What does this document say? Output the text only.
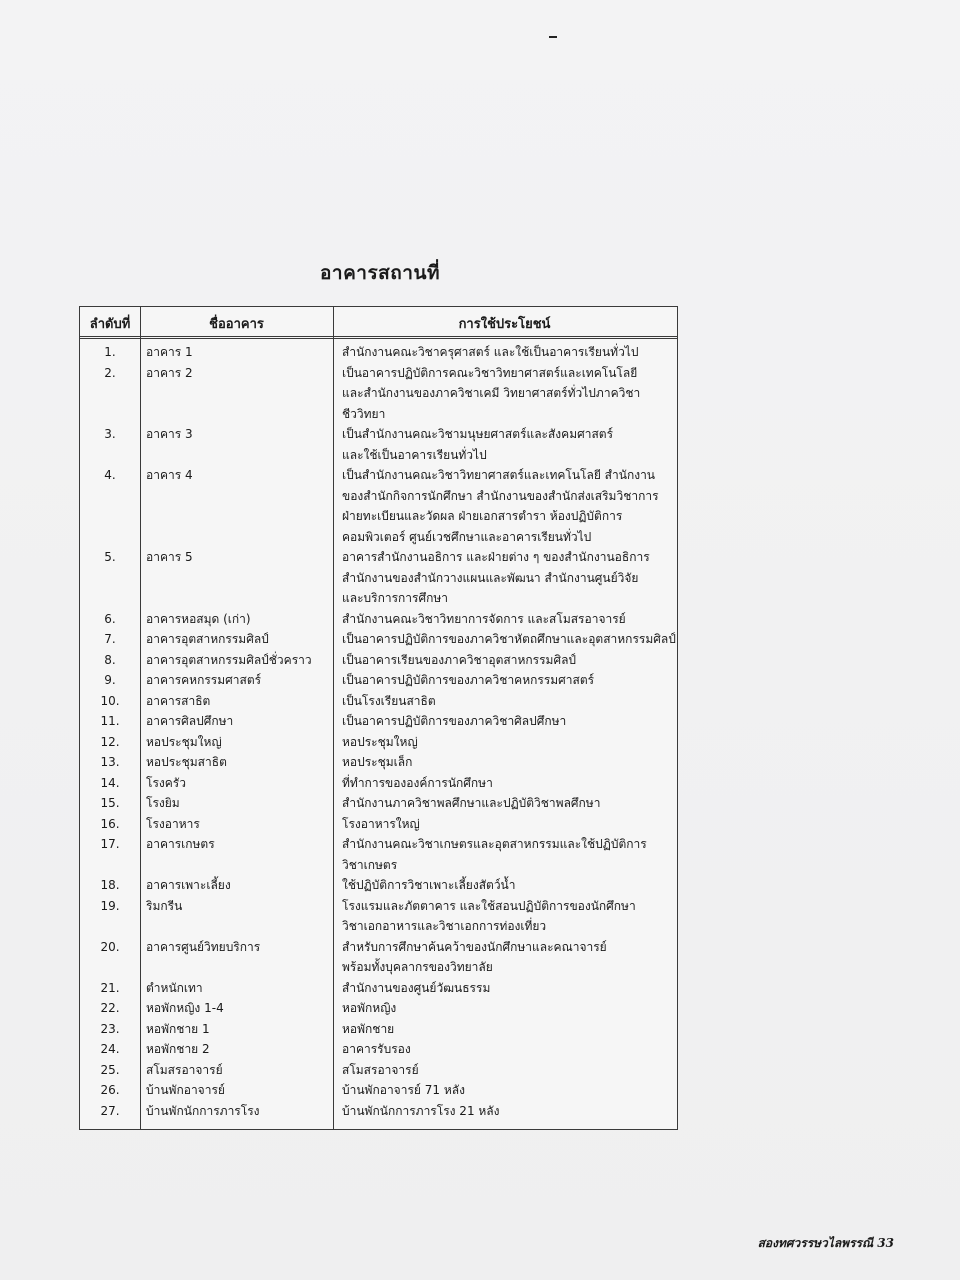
อาคารสถานที่
ลำดับที่	ชื่ออาคาร	การใช้ประโยชน์
1.	อาคาร 1	สำนักงานคณะวิชาครุศาสตร์ และใช้เป็นอาคารเรียนทั่วไป
2.	อาคาร 2	เป็นอาคารปฏิบัติการคณะวิชาวิทยาศาสตร์และเทคโนโลยี
และสำนักงานของภาควิชาเคมี วิทยาศาสตร์ทั่วไปภาควิชา
ชีววิทยา
3.	อาคาร 3	เป็นสำนักงานคณะวิชามนุษยศาสตร์และสังคมศาสตร์
และใช้เป็นอาคารเรียนทั่วไป
4.	อาคาร 4	เป็นสำนักงานคณะวิชาวิทยาศาสตร์และเทคโนโลยี สำนักงาน
ของสำนักกิจการนักศึกษา สำนักงานของสำนักส่งเสริมวิชาการ
ฝ่ายทะเบียนและวัดผล ฝ่ายเอกสารตำรา ห้องปฏิบัติการ
คอมพิวเตอร์ ศูนย์เวชศึกษาและอาคารเรียนทั่วไป
5.	อาคาร 5	อาคารสำนักงานอธิการ และฝ่ายต่าง ๆ ของสำนักงานอธิการ
สำนักงานของสำนักวางแผนและพัฒนา สำนักงานศูนย์วิจัย
และบริการการศึกษา
6.	อาคารหอสมุด (เก่า)	สำนักงานคณะวิชาวิทยาการจัดการ และสโมสรอาจารย์
7.	อาคารอุตสาหกรรมศิลป์	เป็นอาคารปฏิบัติการของภาควิชาหัตถศึกษาและอุตสาหกรรมศิลป์
8.	อาคารอุตสาหกรรมศิลป์ชั่วคราว	เป็นอาคารเรียนของภาควิชาอุตสาหกรรมศิลป์
9.	อาคารคหกรรมศาสตร์	เป็นอาคารปฏิบัติการของภาควิชาคหกรรมศาสตร์
10.	อาคารสาธิต	เป็นโรงเรียนสาธิต
11.	อาคารศิลปศึกษา	เป็นอาคารปฏิบัติการของภาควิชาศิลปศึกษา
12.	หอประชุมใหญ่	หอประชุมใหญ่
13.	หอประชุมสาธิต	หอประชุมเล็ก
14.	โรงครัว	ที่ทำการขององค์การนักศึกษา
15.	โรงยิม	สำนักงานภาควิชาพลศึกษาและปฏิบัติวิชาพลศึกษา
16.	โรงอาหาร	โรงอาหารใหญ่
17.	อาคารเกษตร	สำนักงานคณะวิชาเกษตรและอุตสาหกรรมและใช้ปฏิบัติการ
วิชาเกษตร
18.	อาคารเพาะเลี้ยง	ใช้ปฏิบัติการวิชาเพาะเลี้ยงสัตว์น้ำ
19.	ริมกรีน	โรงแรมและภัตตาคาร และใช้สอนปฏิบัติการของนักศึกษา
วิชาเอกอาหารและวิชาเอกการท่องเที่ยว
20.	อาคารศูนย์วิทยบริการ	สำหรับการศึกษาค้นคว้าของนักศึกษาและคณาจารย์
พร้อมทั้งบุคลากรของวิทยาลัย
21.	ตำหนักเทา	สำนักงานของศูนย์วัฒนธรรม
22.	หอพักหญิง 1-4	หอพักหญิง
23.	หอพักชาย 1	หอพักชาย
24.	หอพักชาย 2	อาคารรับรอง
25.	สโมสรอาจารย์	สโมสรอาจารย์
26.	บ้านพักอาจารย์	บ้านพักอาจารย์ 71 หลัง
27.	บ้านพักนักการภารโรง	บ้านพักนักการภารโรง 21 หลัง
สองทศวรรษวไลพรรณี 33
